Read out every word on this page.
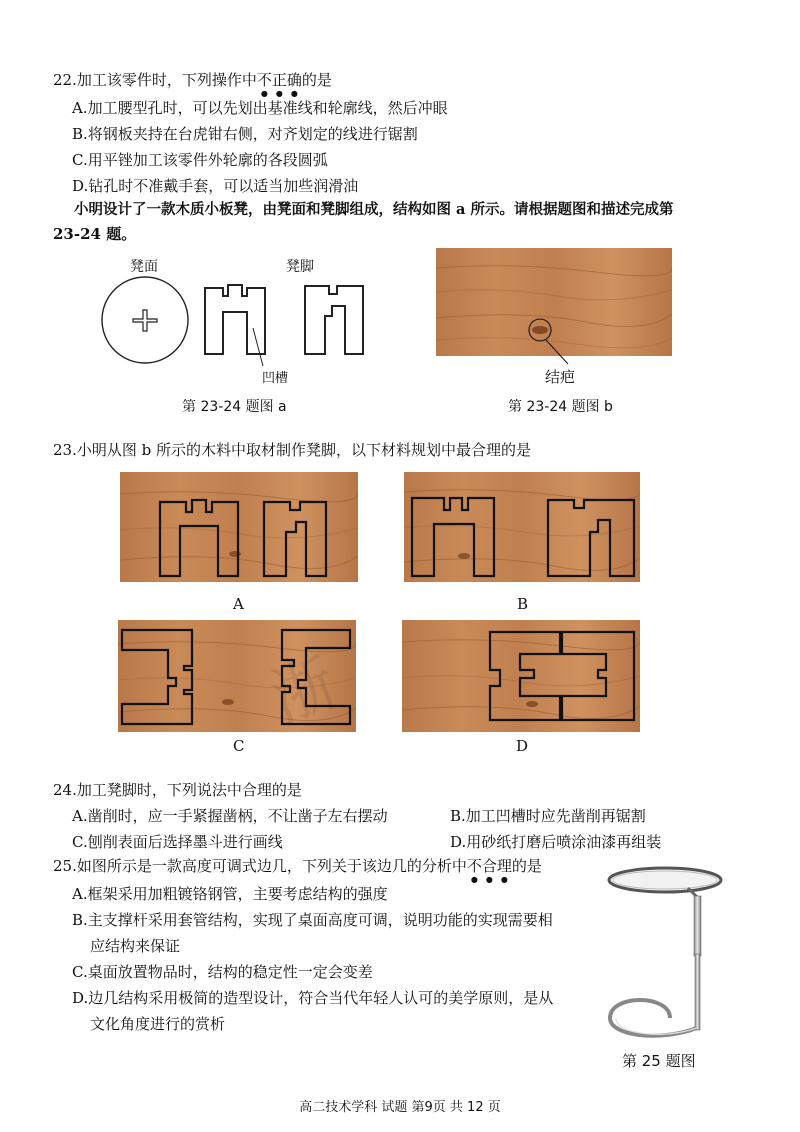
22.加工该零件时，下列操作中不正确的是
A.加工腰型孔时，可以先划出基准线和轮廓线，然后冲眼
B.将钢板夹持在台虎钳右侧，对齐划定的线进行锯割
C.用平锉加工该零件外轮廓的各段圆弧
D.钻孔时不准戴手套，可以适当加些润滑油
小明设计了一款木质小板凳，由凳面和凳脚组成，结构如图 a 所示。请根据题图和描述完成第
23-24 题。
凳面	凳脚
凹槽
第 23-24 题图 a
结疤
第 23-24 题图 b
23.小明从图 b 所示的木料中取材制作凳脚，以下材料规划中最合理的是
A	B
C	D
浙
24.加工凳脚时，下列说法中合理的是
A.凿削时，应一手紧握凿柄，不让凿子左右摆动	B.加工凹槽时应先凿削再锯割
C.刨削表面后选择墨斗进行画线	D.用砂纸打磨后喷涂油漆再组装
25.如图所示是一款高度可调式边几，下列关于该边几的分析中不合理的是
A.框架采用加粗镀铬钢管，主要考虑结构的强度
B.主支撑杆采用套管结构，实现了桌面高度可调，说明功能的实现需要相
应结构来保证
C.桌面放置物品时，结构的稳定性一定会变差
D.边几结构采用极简的造型设计，符合当代年轻人认可的美学原则，是从
文化角度进行的赏析
第 25 题图
高二技术学科 试题 第9页 共 12 页
